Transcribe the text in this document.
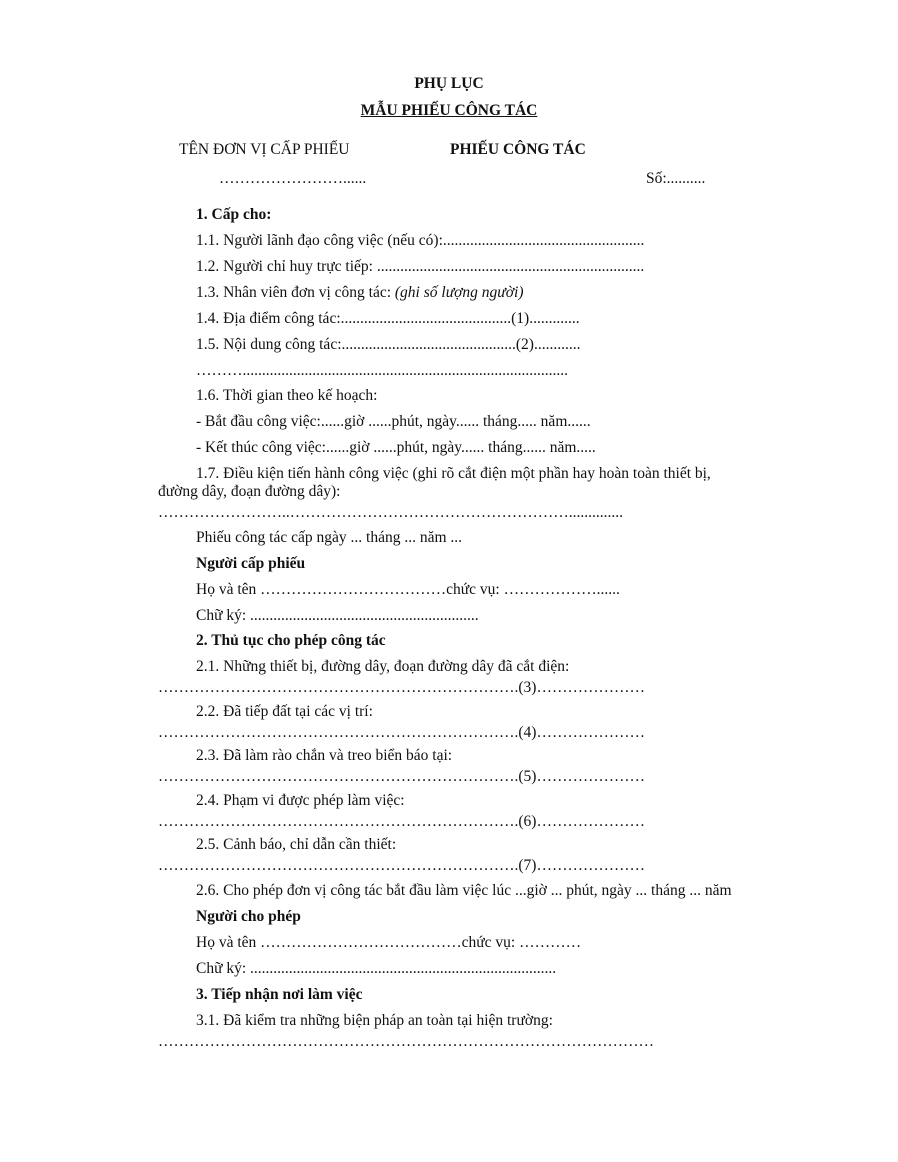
PHỤ LỤC
MẪU PHIẾU CÔNG TÁC
TÊN ĐƠN VỊ CẤP PHIẾU	PHIẾU CÔNG TÁC
……………………......	Số:..........
1. Cấp cho:
1.1. Người lãnh đạo công việc (nếu có):....................................................
1.2. Người chỉ huy trực tiếp: .....................................................................
1.3. Nhân viên đơn vị công tác: (ghi số lượng người)
1.4. Địa điểm công tác:............................................(1).............
1.5. Nội dung công tác:.............................................(2)............
………....................................................................................
1.6. Thời gian theo kế hoạch:
- Bắt đầu công việc:......giờ ......phút, ngày...... tháng..... năm......
- Kết thúc công việc:......giờ ......phút, ngày...... tháng...... năm.....
1.7. Điều kiện tiến hành công việc (ghi rõ cắt điện một phần hay hoàn toàn thiết bị,
đường dây, đoạn đường dây):
……………………..………………………………………………..............
Phiếu công tác cấp ngày ... tháng ... năm ...
Người cấp phiếu
Họ và tên ………………………………chức vụ: ………………......
Chữ ký: ...........................................................
2. Thủ tục cho phép công tác
2.1. Những thiết bị, đường dây, đoạn đường dây đã cắt điện:
…………………………………………………………….(3)…………………
2.2. Đã tiếp đất tại các vị trí:
…………………………………………………………….(4)…………………
2.3. Đã làm rào chắn và treo biển báo tại:
…………………………………………………………….(5)…………………
2.4. Phạm vi được phép làm việc:
…………………………………………………………….(6)…………………
2.5. Cảnh báo, chỉ dẫn cần thiết:
…………………………………………………………….(7)…………………
2.6. Cho phép đơn vị công tác bắt đầu làm việc lúc ...giờ ... phút, ngày ... tháng ... năm
Người cho phép
Họ và tên …………………………………chức vụ: …………
Chữ ký: ...............................................................................
3. Tiếp nhận nơi làm việc
3.1. Đã kiểm tra những biện pháp an toàn tại hiện trường:
……………………………………………………………………………………
